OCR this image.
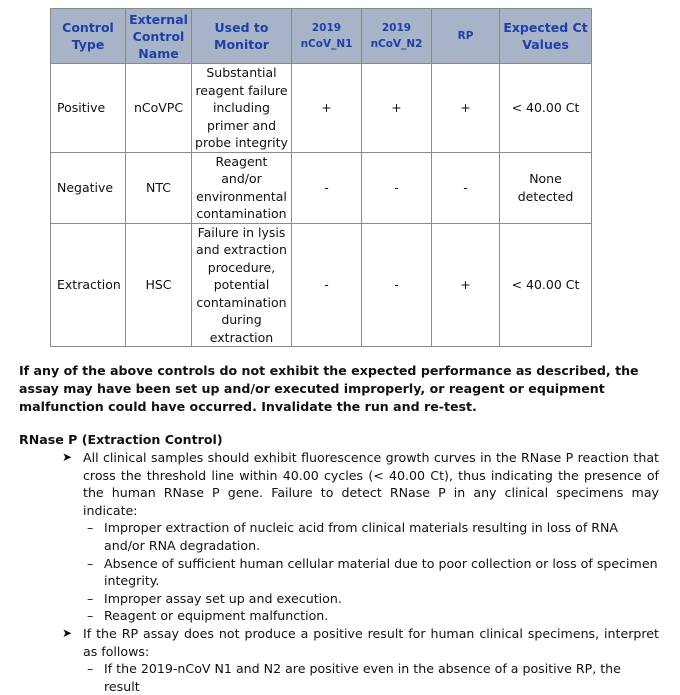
Control Type	External Control Name	Used to Monitor	2019 nCoV_N1	2019 nCoV_N2	RP	Expected Ct Values
Positive	nCoVPC	Substantial reagent failure including primer and probe integrity	+	+	+	< 40.00 Ct
Negative	NTC	Reagent and/or environmental contamination	-	-	-	None detected
Extraction	HSC	Failure in lysis and extraction procedure, potential contamination during extraction	-	-	+	< 40.00 Ct
If any of the above controls do not exhibit the expected performance as described, the assay may have been set up and/or executed improperly, or reagent or equipment malfunction could have occurred. Invalidate the run and re-test.
RNase P (Extraction Control)
➤ All clinical samples should exhibit fluorescence growth curves in the RNase P reaction that cross the threshold line within 40.00 cycles (< 40.00 Ct), thus indicating the presence of the human RNase P gene. Failure to detect RNase P in any clinical specimens may indicate:
– Improper extraction of nucleic acid from clinical materials resulting in loss of RNA and/or RNA degradation.
– Absence of sufficient human cellular material due to poor collection or loss of specimen integrity.
– Improper assay set up and execution.
– Reagent or equipment malfunction.
➤ If the RP assay does not produce a positive result for human clinical specimens, interpret as follows:
– If the 2019-nCoV N1 and N2 are positive even in the absence of a positive RP, the result
